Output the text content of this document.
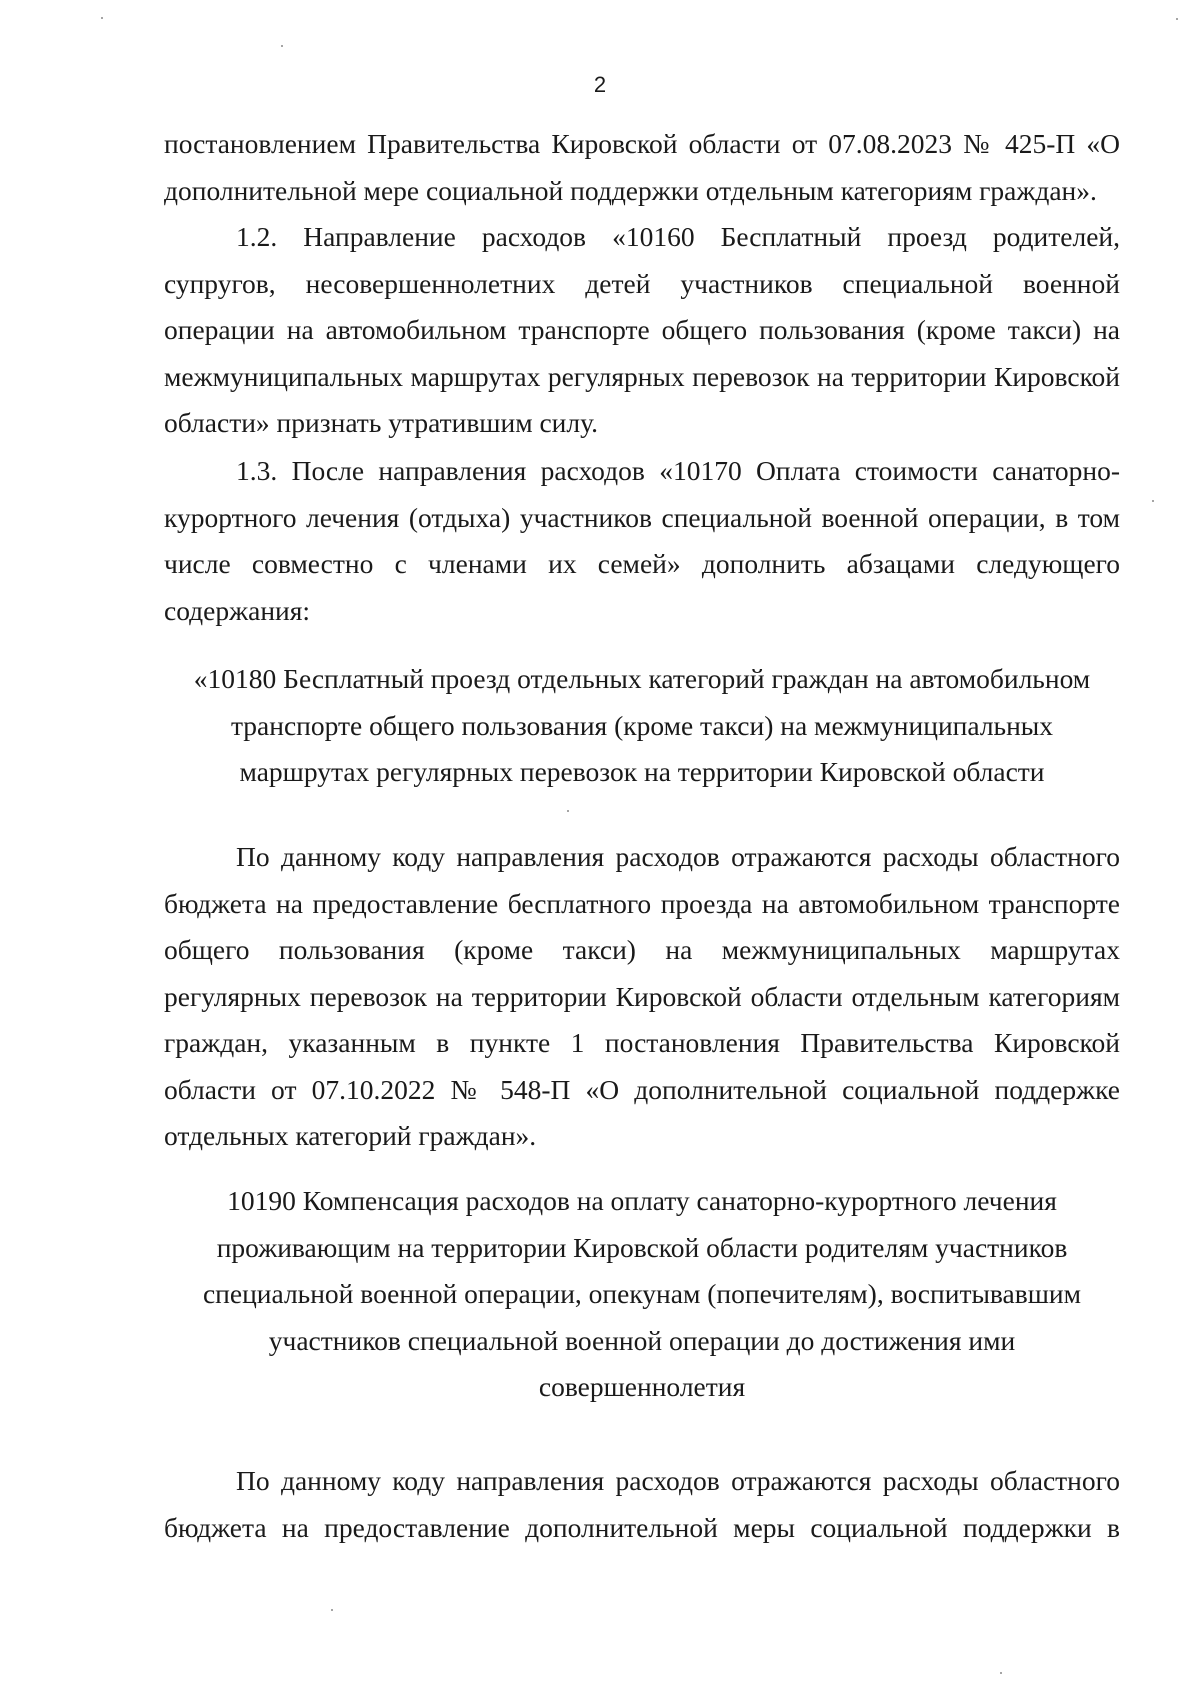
2
постановлением Правительства Кировской области от 07.08.2023 № 425-П «О дополнительной мере социальной поддержки отдельным категориям граждан».
1.2. Направление расходов «10160 Бесплатный проезд родителей, супругов, несовершеннолетних детей участников специальной военной операции на автомобильном транспорте общего пользования (кроме такси) на межмуниципальных маршрутах регулярных перевозок на территории Кировской области» признать утратившим силу.
1.3. После направления расходов «10170 Оплата стоимости санаторно-курортного лечения (отдыха) участников специальной военной операции, в том числе совместно с членами их семей» дополнить абзацами следующего содержания:
«10180 Бесплатный проезд отдельных категорий граждан на автомобильном
транспорте общего пользования (кроме такси) на межмуниципальных
маршрутах регулярных перевозок на территории Кировской области
По данному коду направления расходов отражаются расходы областного бюджета на предоставление бесплатного проезда на автомобильном транспорте общего пользования (кроме такси) на межмуниципальных маршрутах регулярных перевозок на территории Кировской области отдельным категориям граждан, указанным в пункте 1 постановления Правительства Кировской области от 07.10.2022 № 548-П «О дополнительной социальной поддержке отдельных категорий граждан».
10190 Компенсация расходов на оплату санаторно-курортного лечения
проживающим на территории Кировской области родителям участников
специальной военной операции, опекунам (попечителям), воспитывавшим
участников специальной военной операции до достижения ими
совершеннолетия
По данному коду направления расходов отражаются расходы областного бюджета на предоставление дополнительной меры социальной поддержки в
